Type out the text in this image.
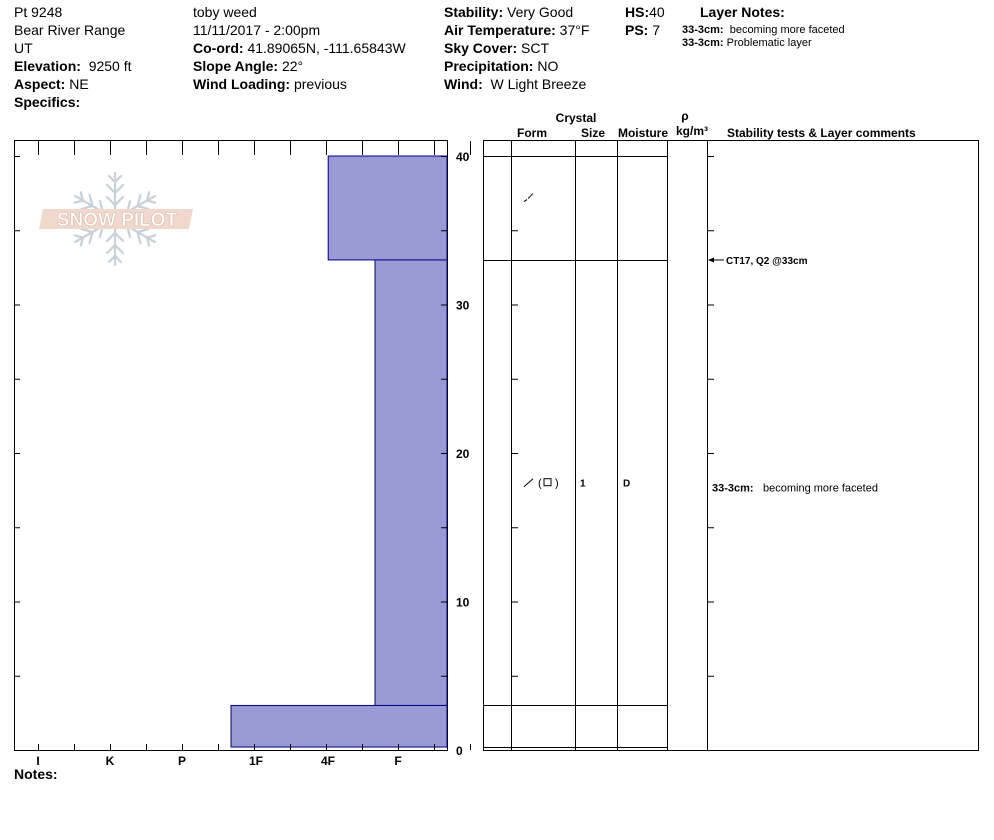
Pt 9248
Bear River Range
UT
Elevation: 9250 ft
Aspect: NE
Specifics:
toby weed
11/11/2017 - 2:00pm
Co-ord: 41.89065N, -111.65843W
Slope Angle: 22°
Wind Loading: previous
Stability: Very Good
Air Temperature: 37°F
Sky Cover: SCT
Precipitation: NO
Wind: W Light Breeze
HS:40
PS: 7
Layer Notes:
33-3cm: becoming more faceted
33-3cm: Problematic layer
Notes:
SNOW PILOT
40
30
20
10
0
I	K	P	1F	4F	F
Crystal
Form	Size Moisture
ρ
kg/m³ Stability tests & Layer comments
( ) 1	D
CT17, Q2 @33cm
33-3cm: becoming more faceted
